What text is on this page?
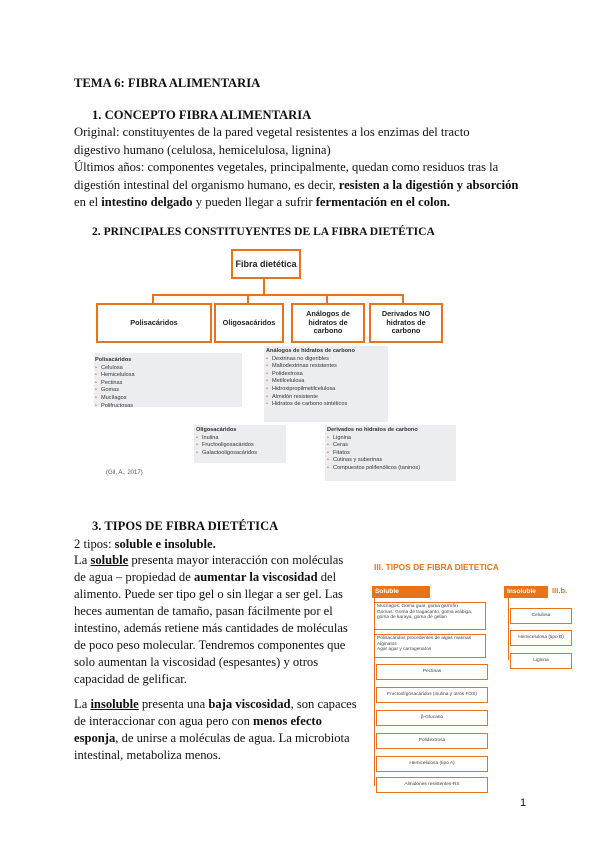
TEMA 6: FIBRA ALIMENTARIA
1. CONCEPTO FIBRA ALIMENTARIA
Original: constituyentes de la pared vegetal resistentes a los enzimas del tracto
digestivo humano (celulosa, hemicelulosa, lignina)
Últimos años: componentes vegetales, principalmente, quedan como residuos tras la
digestión intestinal del organismo humano, es decir, resisten a la digestión y absorción
en el intestino delgado y pueden llegar a sufrir fermentación en el colon.
2. PRINCIPALES CONSTITUYENTES DE LA FIBRA DIETÉTICA
Fibra dietética
Polisacáridos	Oligosacáridos
Análogos de hidratos de carbono
Derivados NO hidratos de carbono
Polisacáridos
• Celulosa
• Hemicelulosa
• Pectinas
• Gomas
• Mucílagos
• Polifructosas
Análogos de hidratos de carbono
• Dextrinas no digeribles
• Maltodextrinas resistentes
• Polidextrosa
• Metilcelulosa
• Hidroxipropilmetilcelulosa
• Almidón resistente
• Hidratos de carbono sintéticos
Oligosacáridos
• Inulina
• Fructooligosacáridos
• Galactooligosacáridos
Derivados no hidratos de carbono
• Lignina
• Ceras
• Fitatos
• Cutinas y suberinas
• Compuestos polifenólicos (taninos)
(Gil, A., 2017)
3. TIPOS DE FIBRA DIETÉTICA
2 tipos: soluble e insoluble.
La soluble presenta mayor interacción con moléculas
de agua – propiedad de aumentar la viscosidad del
alimento. Puede ser tipo gel o sin llegar a ser gel. Las
heces aumentan de tamaño, pasan fácilmente por el
intestino, además retiene más cantidades de moléculas
de poco peso molecular. Tendremos componentes que
solo aumentan la viscosidad (espesantes) y otros
capacidad de gelificar.
La insoluble presenta una baja viscosidad, son capaces
de interaccionar con agua pero con menos efecto
esponja, de unirse a moléculas de agua. La microbiota
intestinal, metaboliza menos.
III. TIPOS DE FIBRA DIETETICA
Soluble	Insoluble	III.b.
Mucílagos: Goma guar, goma garrofín
Gomas: Goma de tragacanto, goma arábiga, goma de karaya, goma de gellan
Polisacáridos procedentes de algas marinas
Alginatos
Agar agar y carragenatos
Pectinas
Fructoolígosacáridos (inulina y otros FOS)
β-Glucano
Polidextrosa
Hemicelulosa (tipo A)
Almidones resistentes-RS
Celulosa
Hemicelulosa (tipo B)
Lignina
1
